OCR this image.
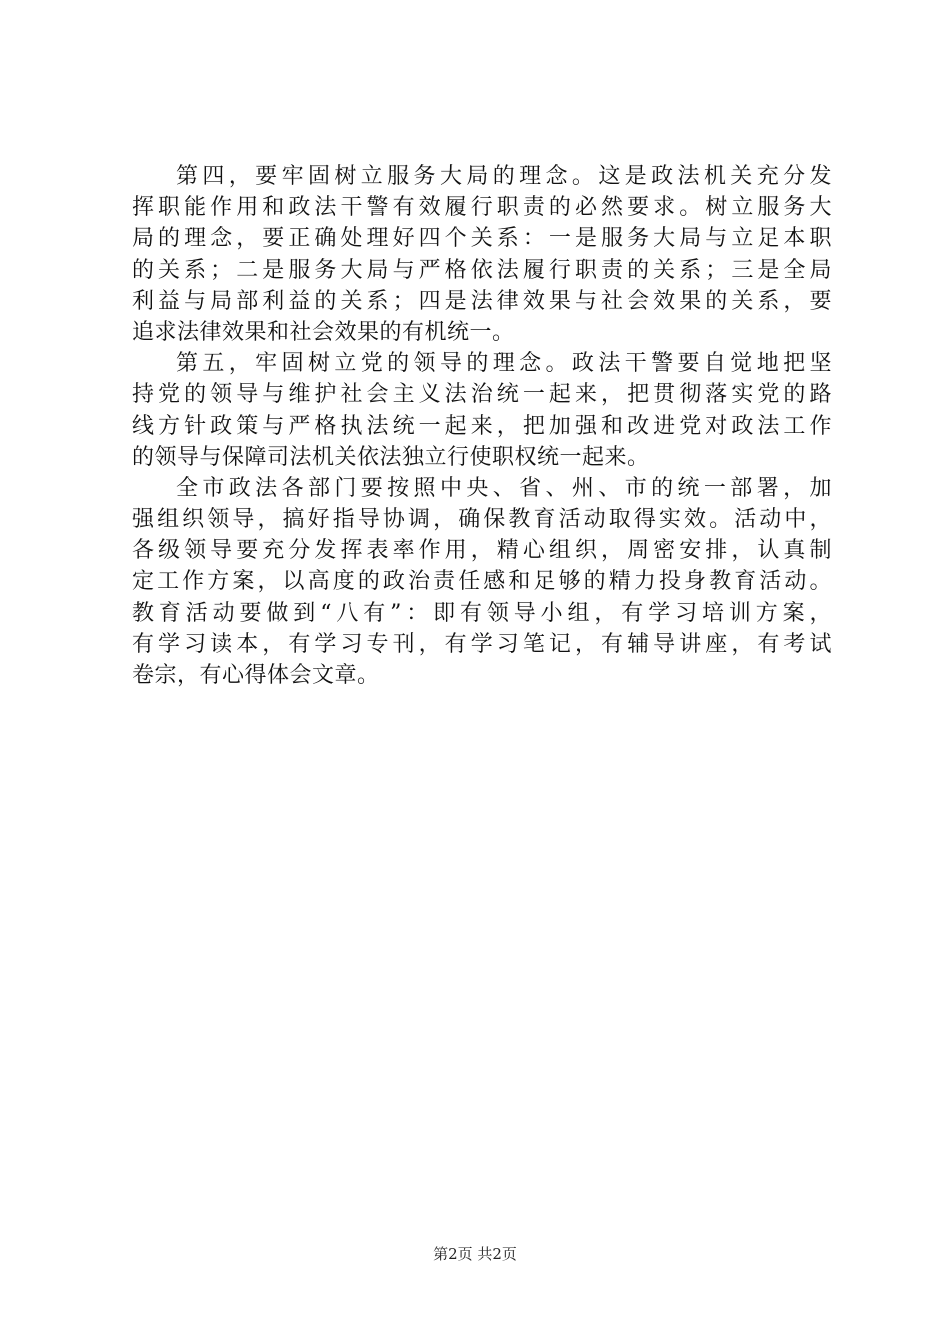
第四，要牢固树立服务大局的理念。这是政法机关充分发
挥职能作用和政法干警有效履行职责的必然要求。树立服务大
局的理念，要正确处理好四个关系：一是服务大局与立足本职
的关系；二是服务大局与严格依法履行职责的关系；三是全局
利益与局部利益的关系；四是法律效果与社会效果的关系，要
追求法律效果和社会效果的有机统一。
第五，牢固树立党的领导的理念。政法干警要自觉地把坚
持党的领导与维护社会主义法治统一起来，把贯彻落实党的路
线方针政策与严格执法统一起来，把加强和改进党对政法工作
的领导与保障司法机关依法独立行使职权统一起来。
全市政法各部门要按照中央、省、州、市的统一部署，加
强组织领导，搞好指导协调，确保教育活动取得实效。活动中，
各级领导要充分发挥表率作用，精心组织，周密安排，认真制
定工作方案，以高度的政治责任感和足够的精力投身教育活动。
教育活动要做到“八有”：即有领导小组，有学习培训方案，
有学习读本，有学习专刊，有学习笔记，有辅导讲座，有考试
卷宗，有心得体会文章。
第2页 共2页
